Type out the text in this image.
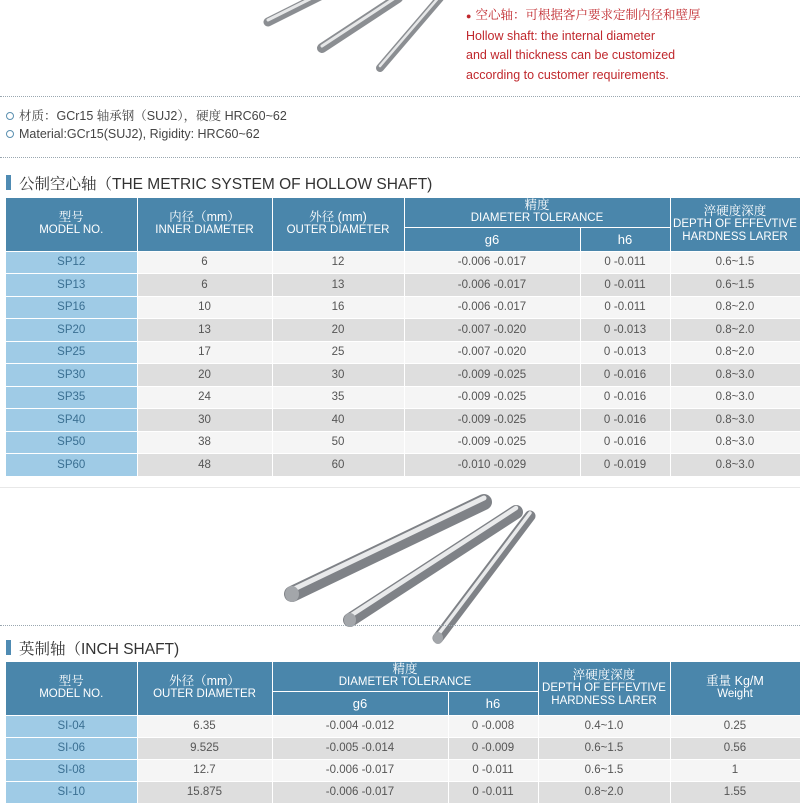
● 空心轴：可根据客户要求定制内径和壁厚
Hollow shaft: the internal diameter
and wall thickness can be customized
according to customer requirements.
材质：GCr15 轴承钢（SUJ2），硬度 HRC60~62
Material:GCr15(SUJ2), Rigidity: HRC60~62
公制空心轴（THE METRIC SYSTEM OF HOLLOW SHAFT)
型号
MODEL NO.	内径（mm）
INNER DIAMETER	外径 (mm)
OUTER DIAMETER	精度
DIAMETER TOLERANCE		淬硬度深度
DEPTH OF EFFEVTIVE
HARDNESS LARER
			g6	h6	
SP12	6	12	-0.006 -0.017	0 -0.011	0.6~1.5
SP13	6	13	-0.006 -0.017	0 -0.011	0.6~1.5
SP16	10	16	-0.006 -0.017	0 -0.011	0.8~2.0
SP20	13	20	-0.007 -0.020	0 -0.013	0.8~2.0
SP25	17	25	-0.007 -0.020	0 -0.013	0.8~2.0
SP30	20	30	-0.009 -0.025	0 -0.016	0.8~3.0
SP35	24	35	-0.009 -0.025	0 -0.016	0.8~3.0
SP40	30	40	-0.009 -0.025	0 -0.016	0.8~3.0
SP50	38	50	-0.009 -0.025	0 -0.016	0.8~3.0
SP60	48	60	-0.010 -0.029	0 -0.019	0.8~3.0
英制轴（INCH SHAFT)
型号
MODEL NO.	外径（mm）
OUTER DIAMETER	精度
DIAMETER TOLERANCE		淬硬度深度
DEPTH OF EFFEVTIVE
HARDNESS LARER	重量 Kg/M
Weight
		g6	h6		
SI-04	6.35	-0.004 -0.012	0 -0.008	0.4~1.0	0.25
SI-06	9.525	-0.005 -0.014	0 -0.009	0.6~1.5	0.56
SI-08	12.7	-0.006 -0.017	0 -0.011	0.6~1.5	1
SI-10	15.875	-0.006 -0.017	0 -0.011	0.8~2.0	1.55
